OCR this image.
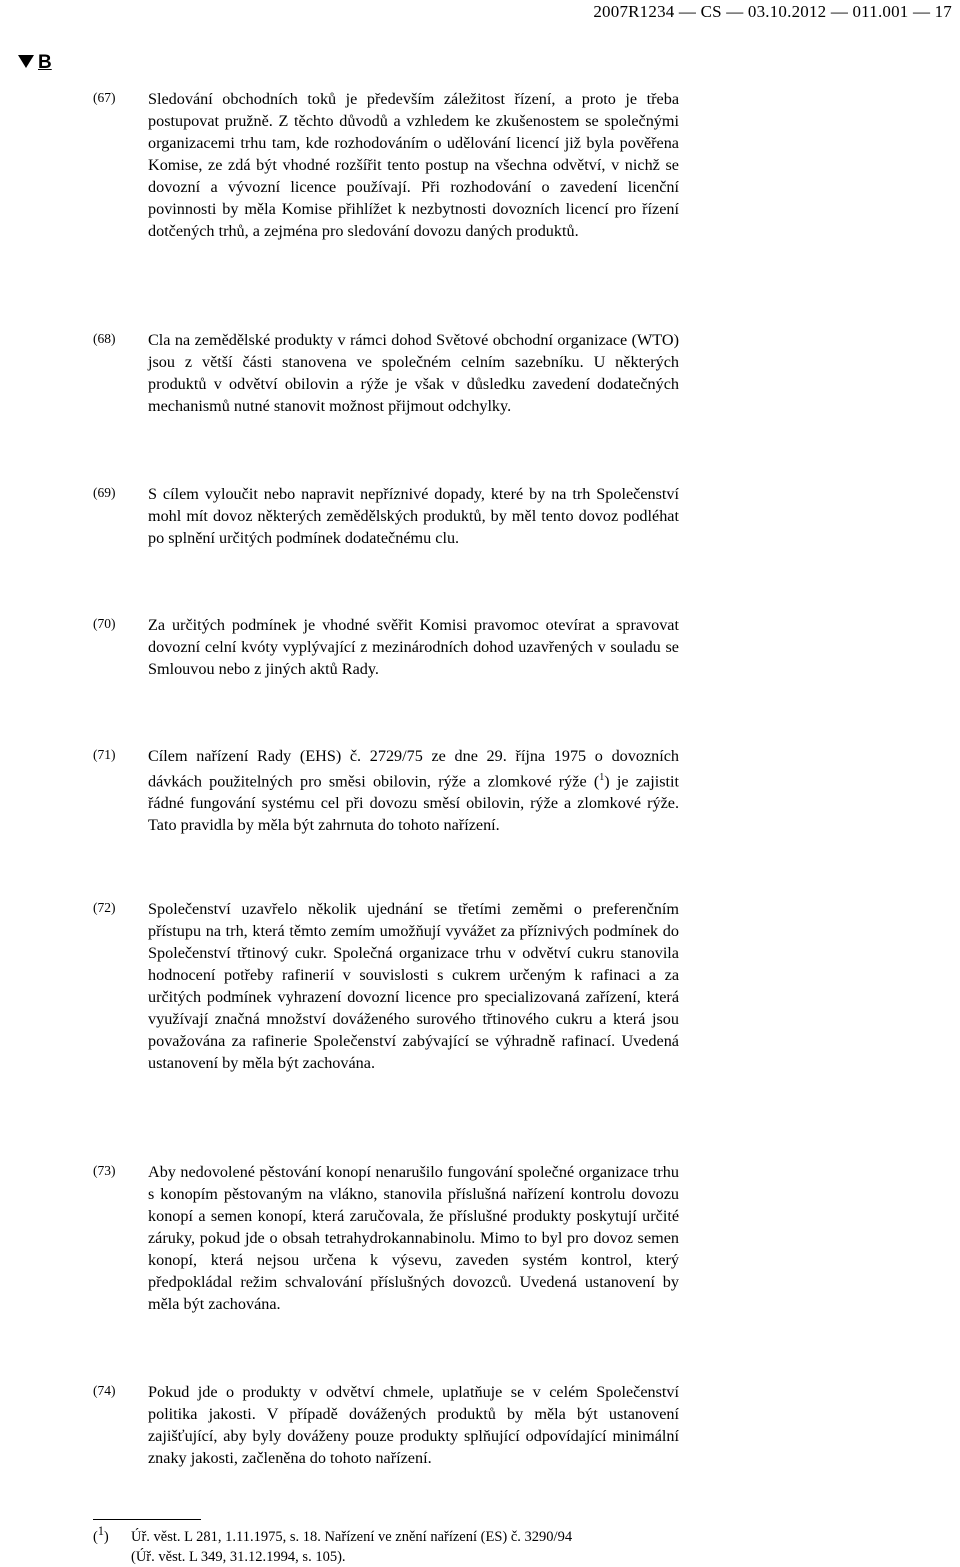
2007R1234 — CS — 03.10.2012 — 011.001 — 17
B
(67) Sledování obchodních toků je především záležitost řízení, a proto je třeba postupovat pružně. Z těchto důvodů a vzhledem ke zkušenostem se společnými organizacemi trhu tam, kde rozhodováním o udělování licencí již byla pověřena Komise, ze zdá být vhodné rozšířit tento postup na všechna odvětví, v nichž se dovozní a vývozní licence používají. Při rozhodování o zavedení licenční povinnosti by měla Komise přihlížet k nezbytnosti dovozních licencí pro řízení dotčených trhů, a zejména pro sledování dovozu daných produktů.
(68) Cla na zemědělské produkty v rámci dohod Světové obchodní organizace (WTO) jsou z větší části stanovena ve společném celním sazebníku. U některých produktů v odvětví obilovin a rýže je však v důsledku zavedení dodatečných mechanismů nutné stanovit možnost přijmout odchylky.
(69) S cílem vyloučit nebo napravit nepříznivé dopady, které by na trh Společenství mohl mít dovoz některých zemědělských produktů, by měl tento dovoz podléhat po splnění určitých podmínek dodatečnému clu.
(70) Za určitých podmínek je vhodné svěřit Komisi pravomoc otevírat a spravovat dovozní celní kvóty vyplývající z mezinárodních dohod uzavřených v souladu se Smlouvou nebo z jiných aktů Rady.
(71) Cílem nařízení Rady (EHS) č. 2729/75 ze dne 29. října 1975 o dovozních dávkách použitelných pro směsi obilovin, rýže a zlomkové rýže ($^1$) je zajistit řádné fungování systému cel při dovozu směsí obilovin, rýže a zlomkové rýže. Tato pravidla by měla být zahrnuta do tohoto nařízení.
(72) Společenství uzavřelo několik ujednání se třetími zeměmi o preferenčním přístupu na trh, která těmto zemím umožňují vyvážet za příznivých podmínek do Společenství třtinový cukr. Společná organizace trhu v odvětví cukru stanovila hodnocení potřeby rafinerií v souvislosti s cukrem určeným k rafinaci a za určitých podmínek vyhrazení dovozní licence pro specializovaná zařízení, která využívají značná množství dováženého surového třtinového cukru a která jsou považována za rafinerie Společenství zabývající se výhradně rafinací. Uvedená ustanovení by měla být zachována.
(73) Aby nedovolené pěstování konopí nenarušilo fungování společné organizace trhu s konopím pěstovaným na vlákno, stanovila příslušná nařízení kontrolu dovozu konopí a semen konopí, která zaručovala, že příslušné produkty poskytují určité záruky, pokud jde o obsah tetrahydrokannabinolu. Mimo to byl pro dovoz semen konopí, která nejsou určena k výsevu, zaveden systém kontrol, který předpokládal režim schvalování příslušných dovozců. Uvedená ustanovení by měla být zachována.
(74) Pokud jde o produkty v odvětví chmele, uplatňuje se v celém Společenství politika jakosti. V případě dovážených produktů by měla být ustanovení zajišťující, aby byly dováženy pouze produkty splňující odpovídající minimální znaky jakosti, začleněna do tohoto nařízení.
($^1$) Úř. věst. L 281, 1.11.1975, s. 18. Nařízení ve znění nařízení (ES) č. 3290/94
(Úř. věst. L 349, 31.12.1994, s. 105).
